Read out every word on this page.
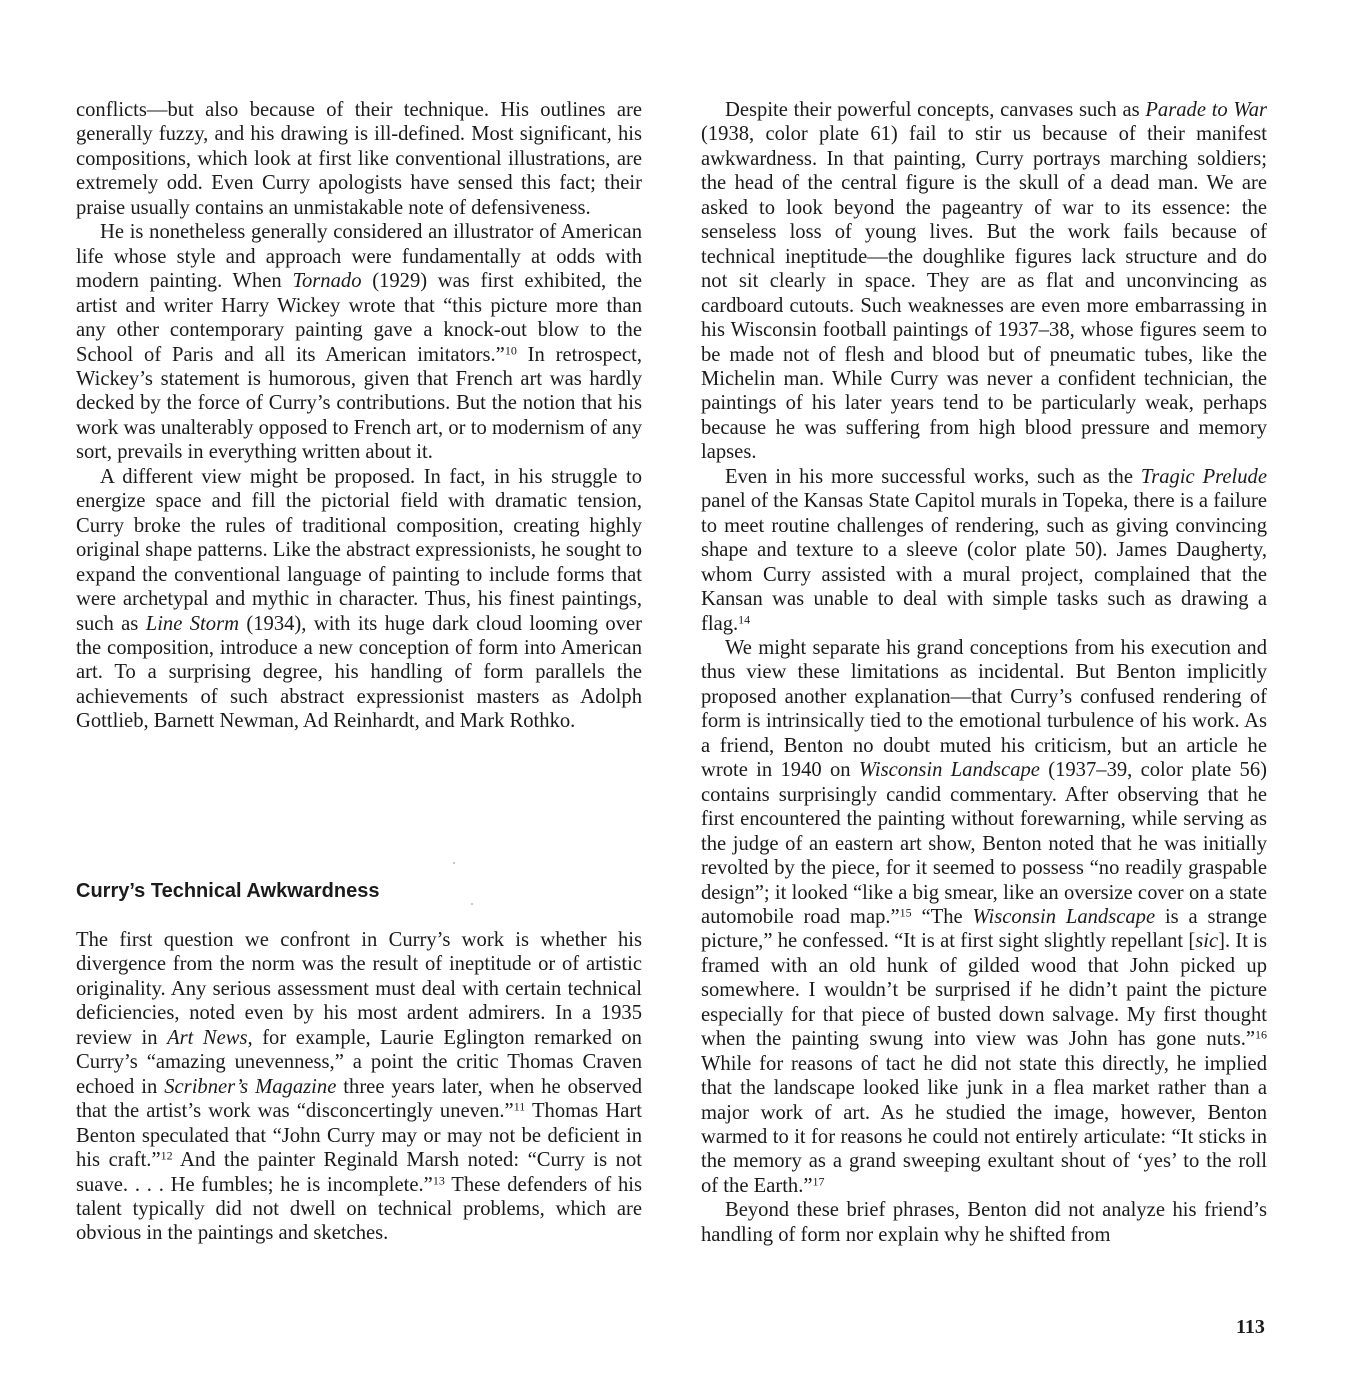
conflicts—but also because of their technique. His outlines are generally fuzzy, and his drawing is ill-defined. Most significant, his compositions, which look at first like conventional illustrations, are extremely odd. Even Curry apologists have sensed this fact; their praise usually contains an unmistakable note of defensiveness.

He is nonetheless generally considered an illustrator of American life whose style and approach were fundamentally at odds with modern painting. When Tornado (1929) was first exhibited, the artist and writer Harry Wickey wrote that “this picture more than any other contemporary painting gave a knock-out blow to the School of Paris and all its American imitators.”$^{10}$ In retrospect, Wickey’s statement is humorous, given that French art was hardly decked by the force of Curry’s contributions. But the notion that his work was unalterably opposed to French art, or to modernism of any sort, prevails in everything written about it.

A different view might be proposed. In fact, in his struggle to energize space and fill the pictorial field with dramatic tension, Curry broke the rules of traditional composition, creating highly original shape patterns. Like the abstract expressionists, he sought to expand the conventional language of painting to include forms that were archetypal and mythic in character. Thus, his finest paintings, such as Line Storm (1934), with its huge dark cloud looming over the composition, introduce a new conception of form into American art. To a surprising degree, his handling of form parallels the achievements of such abstract expressionist masters as Adolph Gottlieb, Barnett Newman, Ad Reinhardt, and Mark Rothko.

Curry’s Technical Awkwardness

The first question we confront in Curry’s work is whether his divergence from the norm was the result of ineptitude or of artistic originality. Any serious assessment must deal with certain technical deficiencies, noted even by his most ardent admirers. In a 1935 review in Art News, for example, Laurie Eglington remarked on Curry’s “amazing unevenness,” a point the critic Thomas Craven echoed in Scribner’s Magazine three years later, when he observed that the artist’s work was “disconcertingly uneven.”$^{11}$ Thomas Hart Benton speculated that “John Curry may or may not be deficient in his craft.”$^{12}$ And the painter Reginald Marsh noted: “Curry is not suave. . . . He fumbles; he is incomplete.”$^{13}$ These defenders of his talent typically did not dwell on technical problems, which are obvious in the paintings and sketches.

Despite their powerful concepts, canvases such as Parade to War (1938, color plate 61) fail to stir us because of their manifest awkwardness. In that painting, Curry portrays marching soldiers; the head of the central figure is the skull of a dead man. We are asked to look beyond the pageantry of war to its essence: the senseless loss of young lives. But the work fails because of technical ineptitude—the doughlike figures lack structure and do not sit clearly in space. They are as flat and unconvincing as cardboard cutouts. Such weaknesses are even more embarrassing in his Wisconsin football paintings of 1937–38, whose figures seem to be made not of flesh and blood but of pneumatic tubes, like the Michelin man. While Curry was never a confident technician, the paintings of his later years tend to be particularly weak, perhaps because he was suffering from high blood pressure and memory lapses.

Even in his more successful works, such as the Tragic Prelude panel of the Kansas State Capitol murals in Topeka, there is a failure to meet routine challenges of rendering, such as giving convincing shape and texture to a sleeve (color plate 50). James Daugherty, whom Curry assisted with a mural project, complained that the Kansan was unable to deal with simple tasks such as drawing a flag.$^{14}$

We might separate his grand conceptions from his execution and thus view these limitations as incidental. But Benton implicitly proposed another explanation—that Curry’s confused rendering of form is intrinsically tied to the emotional turbulence of his work. As a friend, Benton no doubt muted his criticism, but an article he wrote in 1940 on Wisconsin Landscape (1937–39, color plate 56) contains surprisingly candid commentary. After observing that he first encountered the painting without forewarning, while serving as the judge of an eastern art show, Benton noted that he was initially revolted by the piece, for it seemed to possess “no readily graspable design”; it looked “like a big smear, like an oversize cover on a state automobile road map.”$^{15}$ “The Wisconsin Landscape is a strange picture,” he confessed. “It is at first sight slightly repellant [sic]. It is framed with an old hunk of gilded wood that John picked up somewhere. I wouldn’t be surprised if he didn’t paint the picture especially for that piece of busted down salvage. My first thought when the painting swung into view was John has gone nuts.”$^{16}$ While for reasons of tact he did not state this directly, he implied that the landscape looked like junk in a flea market rather than a major work of art. As he studied the image, however, Benton warmed to it for reasons he could not entirely articulate: “It sticks in the memory as a grand sweeping exultant shout of ‘yes’ to the roll of the Earth.”$^{17}$

Beyond these brief phrases, Benton did not analyze his friend’s handling of form nor explain why he shifted from

113
